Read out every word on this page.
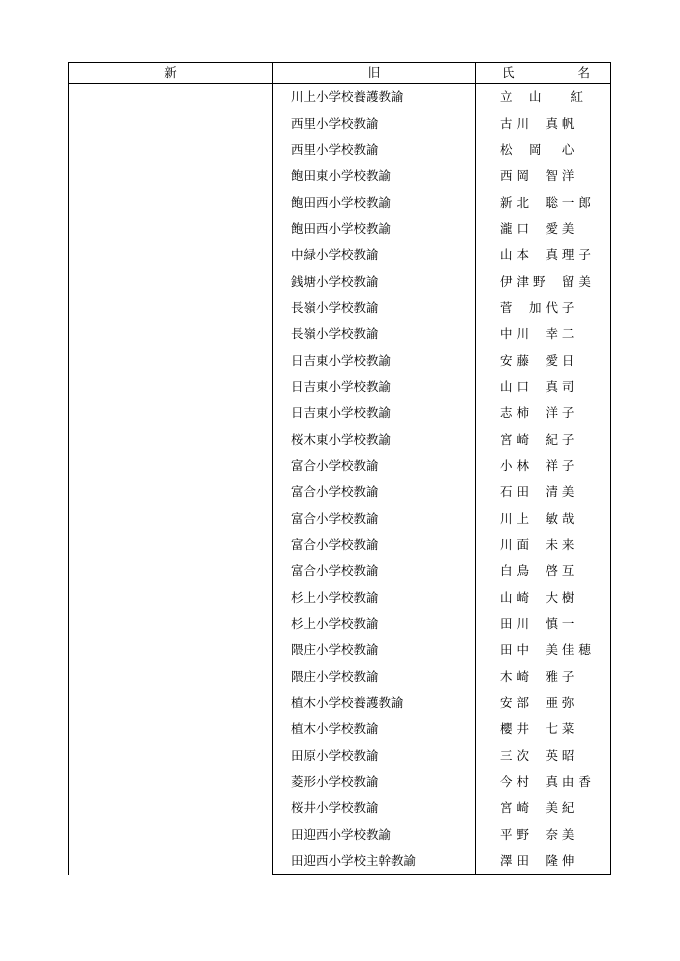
新	旧	氏 名

	川上小学校養護教諭	立　 山　 　紅
	西里小学校教諭	古 川 　真 帆
	西里小学校教諭	松 　岡 　 心
	飽田東小学校教諭	西 岡 　智 洋
	飽田西小学校教諭	新 北 　聡 一 郎
	飽田西小学校教諭	瀧 口 　愛 美
	中緑小学校教諭	山 本 　真 理 子
	銭塘小学校教諭	伊 津 野 　留 美
	長嶺小学校教諭	菅 　加 代 子
	長嶺小学校教諭	中 川 　幸 二
	日吉東小学校教諭	安 藤 　愛 日
	日吉東小学校教諭	山 口 　真 司
	日吉東小学校教諭	志 柿 　洋 子
	桜木東小学校教諭	宮 崎 　紀 子
	富合小学校教諭	小 林 　祥 子
	富合小学校教諭	石 田 　清 美
	富合小学校教諭	川 上 　敏 哉
	富合小学校教諭	川 面 　未 来
	富合小学校教諭	白 鳥 　啓 互
	杉上小学校教諭	山 崎 　大 樹
	杉上小学校教諭	田 川 　慎 一
	隈庄小学校教諭	田 中 　美 佳 穂
	隈庄小学校教諭	木 崎 　雅 子
	植木小学校養護教諭	安 部 　亜 弥
	植木小学校教諭	櫻 井 　七 菜
	田原小学校教諭	三 次 　英 昭
	菱形小学校教諭	今 村 　真 由 香
	桜井小学校教諭	宮 崎 　美 紀
	田迎西小学校教諭	平 野 　奈 美
	田迎西小学校主幹教諭	澤 田 　隆 伸
